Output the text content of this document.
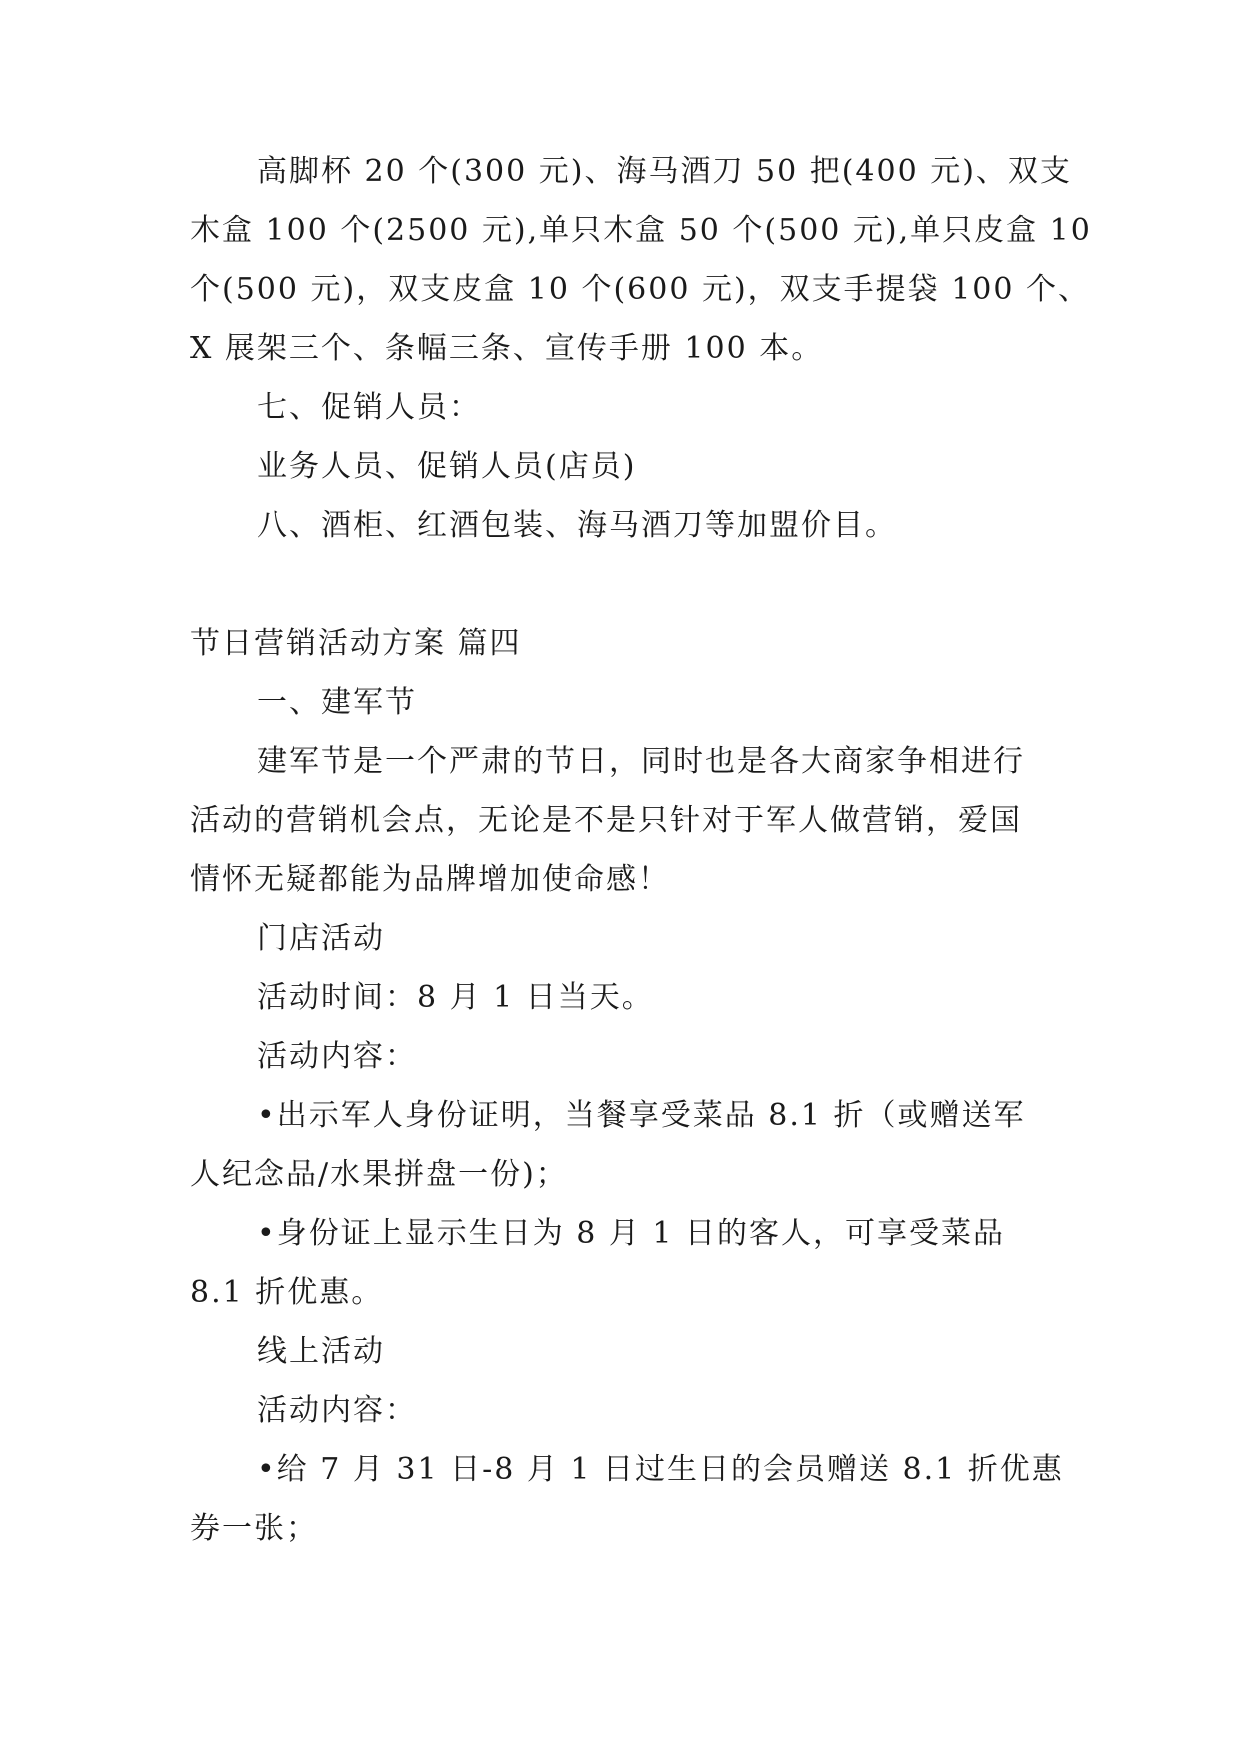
高脚杯 20 个(300 元)、海马酒刀 50 把(400 元)、双支

木盒 100 个(2500 元),单只木盒 50 个(500 元),单只皮盒 10

个(500 元)，双支皮盒 10 个(600 元)，双支手提袋 100 个、

X 展架三个、条幅三条、宣传手册 100 本。

七、促销人员：

业务人员、促销人员(店员)

八、酒柜、红酒包装、海马酒刀等加盟价目。

节日营销活动方案 篇四

一、建军节

建军节是一个严肃的节日，同时也是各大商家争相进行

活动的营销机会点，无论是不是只针对于军人做营销，爱国

情怀无疑都能为品牌增加使命感！

门店活动

活动时间：8 月 1 日当天。

活动内容：

•出示军人身份证明，当餐享受菜品 8.1 折（或赠送军

人纪念品/水果拼盘一份)；

•身份证上显示生日为 8 月 1 日的客人，可享受菜品

8.1 折优惠。

线上活动

活动内容：

•给 7 月 31 日-8 月 1 日过生日的会员赠送 8.1 折优惠

券一张；
